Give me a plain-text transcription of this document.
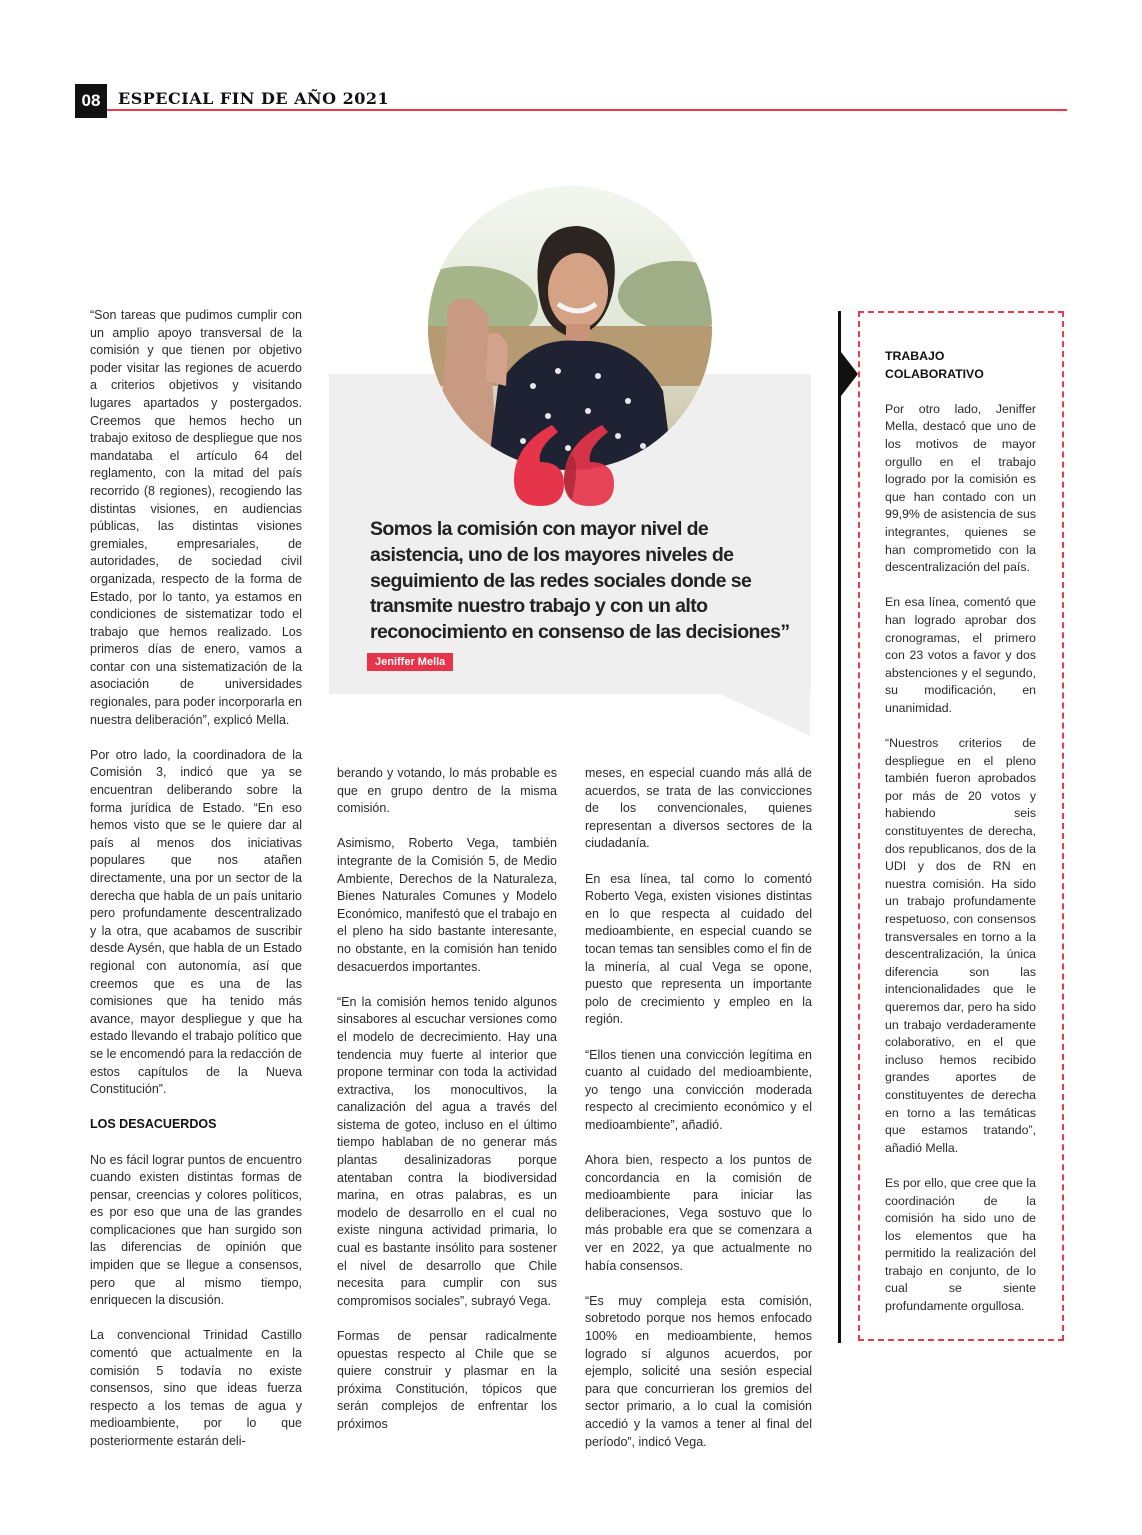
08	ESPECIAL FIN DE AÑO 2021

“Son tareas que pudimos cumplir con un amplio apoyo transversal de la comisión y que tienen por objetivo poder visitar las regiones de acuerdo a criterios objetivos y visitando lugares apartados y postergados. Creemos que hemos hecho un trabajo exitoso de despliegue que nos mandataba el artículo 64 del reglamento, con la mitad del país recorrido (8 regiones), recogiendo las distintas visiones, en audiencias públicas, las distintas visiones gremiales, empresariales, de autoridades, de sociedad civil organizada, respecto de la forma de Estado, por lo tanto, ya estamos en condiciones de sistematizar todo el trabajo que hemos realizado. Los primeros días de enero, vamos a contar con una sistematización de la asociación de universidades regionales, para poder incorporarla en nuestra deliberación”, explicó Mella.

Por otro lado, la coordinadora de la Comisión 3, indicó que ya se encuentran deliberando sobre la forma jurídica de Estado. “En eso hemos visto que se le quiere dar al país al menos dos iniciativas populares que nos atañen directamente, una por un sector de la derecha que habla de un país unitario pero profundamente descentralizado y la otra, que acabamos de suscribir desde Aysén, que habla de un Estado regional con autonomía, así que creemos que es una de las comisiones que ha tenido más avance, mayor despliegue y que ha estado llevando el trabajo político que se le encomendó para la redacción de estos capítulos de la Nueva Constitución”.

LOS DESACUERDOS

No es fácil lograr puntos de encuentro cuando existen distintas formas de pensar, creencias y colores políticos, es por eso que una de las grandes complicaciones que han surgido son las diferencias de opinión que impiden que se llegue a consensos, pero que al mismo tiempo, enriquecen la discusión.

La convencional Trinidad Castillo comentó que actualmente en la comisión 5 todavía no existe consensos, sino que ideas fuerza respecto a los temas de agua y medioambiente, por lo que posteriormente estarán deli-

Somos la comisión con mayor nivel de asistencia, uno de los mayores niveles de seguimiento de las redes sociales donde se transmite nuestro trabajo y con un alto reconocimiento en consenso de las decisiones”

Jeniffer Mella

berando y votando, lo más probable es que en grupo dentro de la misma comisión.

Asimismo, Roberto Vega, también integrante de la Comisión 5, de Medio Ambiente, Derechos de la Naturaleza, Bienes Naturales Comunes y Modelo Económico, manifestó que el trabajo en el pleno ha sido bastante interesante, no obstante, en la comisión han tenido desacuerdos importantes.

“En la comisión hemos tenido algunos sinsabores al escuchar versiones como el modelo de decrecimiento. Hay una tendencia muy fuerte al interior que propone terminar con toda la actividad extractiva, los monocultivos, la canalización del agua a través del sistema de goteo, incluso en el último tiempo hablaban de no generar más plantas desalinizadoras porque atentaban contra la biodiversidad marina, en otras palabras, es un modelo de desarrollo en el cual no existe ninguna actividad primaria, lo cual es bastante insólito para sostener el nivel de desarrollo que Chile necesita para cumplir con sus compromisos sociales”, subrayó Vega.

Formas de pensar radicalmente opuestas respecto al Chile que se quiere construir y plasmar en la próxima Constitución, tópicos que serán complejos de enfrentar los próximos

meses, en especial cuando más allá de acuerdos, se trata de las convicciones de los convencionales, quienes representan a diversos sectores de la ciudadanía.

En esa línea, tal como lo comentó Roberto Vega, existen visiones distintas en lo que respecta al cuidado del medioambiente, en especial cuando se tocan temas tan sensibles como el fin de la minería, al cual Vega se opone, puesto que representa un importante polo de crecimiento y empleo en la región.

“Ellos tienen una convicción legítima en cuanto al cuidado del medioambiente, yo tengo una convicción moderada respecto al crecimiento económico y el medioambiente”, añadió.

Ahora bien, respecto a los puntos de concordancia en la comisión de medioambiente para iniciar las deliberaciones, Vega sostuvo que lo más probable era que se comenzara a ver en 2022, ya que actualmente no había consensos.

“Es muy compleja esta comisión, sobretodo porque nos hemos enfocado 100% en medioambiente, hemos logrado sí algunos acuerdos, por ejemplo, solicité una sesión especial para que concurrieran los gremios del sector primario, a lo cual la comisión accedió y la vamos a tener al final del período”, indicó Vega.

TRABAJO
COLABORATIVO

Por otro lado, Jeniffer Mella, destacó que uno de los motivos de mayor orgullo en el trabajo logrado por la comisión es que han contado con un 99,9% de asistencia de sus integrantes, quienes se han comprometido con la descentralización del país.

En esa línea, comentó que han logrado aprobar dos cronogramas, el primero con 23 votos a favor y dos abstenciones y el segundo, su modificación, en unanimidad.

“Nuestros criterios de despliegue en el pleno también fueron aprobados por más de 20 votos y habiendo seis constituyentes de derecha, dos republicanos, dos de la UDI y dos de RN en nuestra comisión. Ha sido un trabajo profundamente respetuoso, con consensos transversales en torno a la descentralización, la única diferencia son las intencionalidades que le queremos dar, pero ha sido un trabajo verdaderamente colaborativo, en el que incluso hemos recibido grandes aportes de constituyentes de derecha en torno a las temáticas que estamos tratando”, añadió Mella.

Es por ello, que cree que la coordinación de la comisión ha sido uno de los elementos que ha permitido la realización del trabajo en conjunto, de lo cual se siente profundamente orgullosa.
